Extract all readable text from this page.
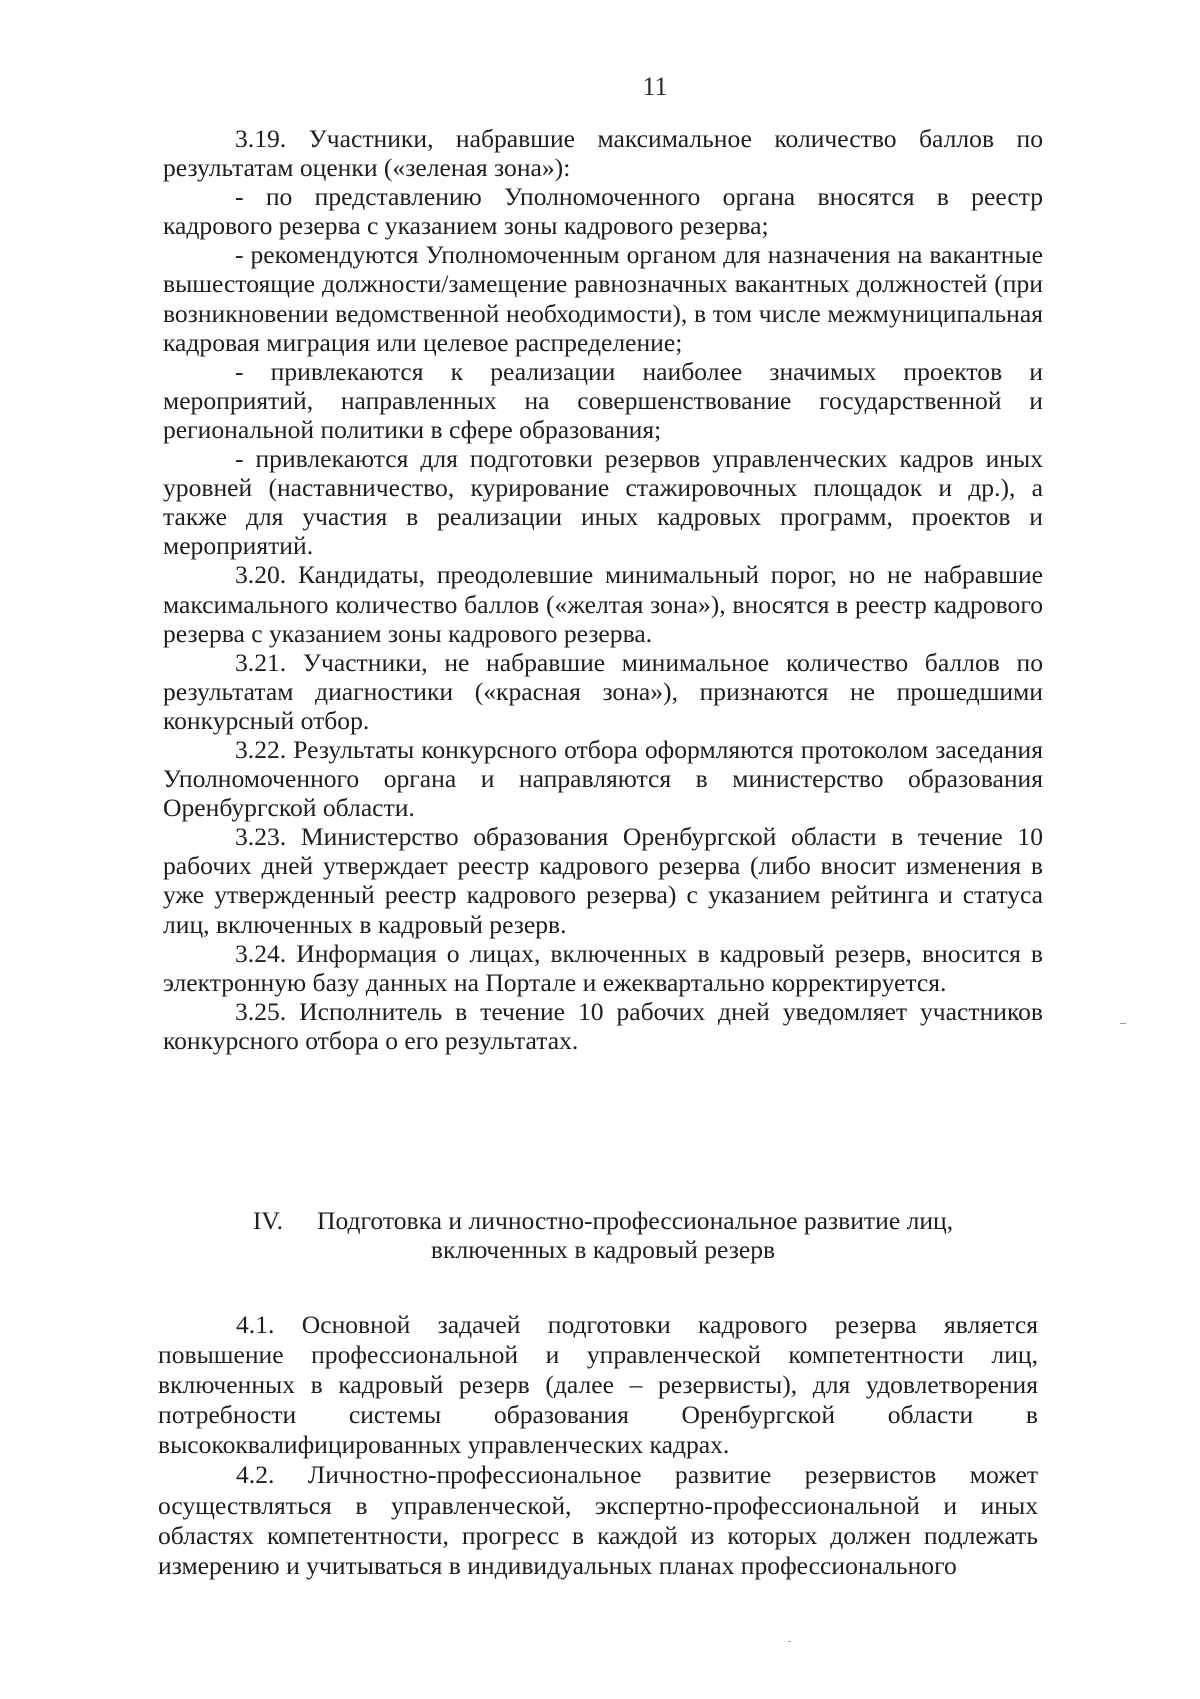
11

3.19. Участники, набравшие максимальное количество баллов по результатам оценки («зеленая зона»):

- по представлению Уполномоченного органа вносятся в реестр кадрового резерва с указанием зоны кадрового резерва;

- рекомендуются Уполномоченным органом для назначения на вакантные вышестоящие должности/замещение равнозначных вакантных должностей (при возникновении ведомственной необходимости), в том числе межмуниципальная кадровая миграция или целевое распределение;

- привлекаются к реализации наиболее значимых проектов и мероприятий, направленных на совершенствование государственной и региональной политики в сфере образования;

- привлекаются для подготовки резервов управленческих кадров иных уровней (наставничество, курирование стажировочных площадок и др.), а также для участия в реализации иных кадровых программ, проектов и мероприятий.

3.20. Кандидаты, преодолевшие минимальный порог, но не набравшие максимального количество баллов («желтая зона»), вносятся в реестр кадрового резерва с указанием зоны кадрового резерва.

3.21. Участники, не набравшие минимальное количество баллов по результатам диагностики («красная зона»), признаются не прошедшими конкурсный отбор.

3.22. Результаты конкурсного отбора оформляются протоколом заседания Уполномоченного органа и направляются в министерство образования Оренбургской области.

3.23. Министерство образования Оренбургской области в течение 10 рабочих дней утверждает реестр кадрового резерва (либо вносит изменения в уже утвержденный реестр кадрового резерва) с указанием рейтинга и статуса лиц, включенных в кадровый резерв.

3.24. Информация о лицах, включенных в кадровый резерв, вносится в электронную базу данных на Портале и ежеквартально корректируется.

3.25. Исполнитель в течение 10 рабочих дней уведомляет участников конкурсного отбора о его результатах.

IV. Подготовка и личностно-профессиональное развитие лиц,
включенных в кадровый резерв

4.1. Основной задачей подготовки кадрового резерва является повышение профессиональной и управленческой компетентности лиц, включенных в кадровый резерв (далее – резервисты), для удовлетворения потребности системы образования Оренбургской области в высококвалифицированных управленческих кадрах.

4.2. Личностно-профессиональное развитие резервистов может осуществляться в управленческой, экспертно-профессиональной и иных областях компетентности, прогресс в каждой из которых должен подлежать измерению и учитываться в индивидуальных планах профессионального
